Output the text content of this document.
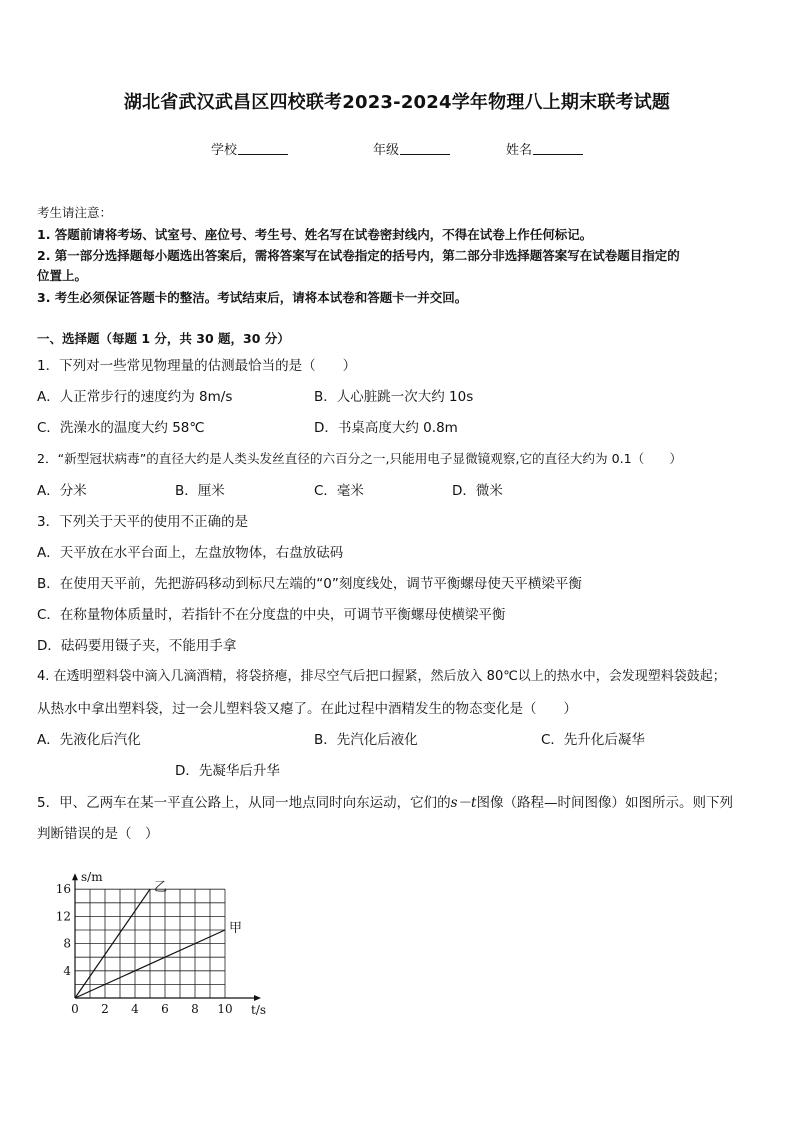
湖北省武汉武昌区四校联考2023-2024学年物理八上期末联考试题
学校	年级	姓名
考生请注意：
1. 答题前请将考场、试室号、座位号、考生号、姓名写在试卷密封线内，不得在试卷上作任何标记。
2. 第一部分选择题每小题选出答案后，需将答案写在试卷指定的括号内，第二部分非选择题答案写在试卷题目指定的
位置上。
3. 考生必须保证答题卡的整洁。考试结束后，请将本试卷和答题卡一并交回。
一、选择题（每题 1 分，共 30 题，30 分）
1．下列对一些常见物理量的估测最恰当的是（　　）
A．人正常步行的速度约为 8m/s	B．人心脏跳一次大约 10s
C．洗澡水的温度大约 58℃	D．书桌高度大约 0.8m
2．“新型冠状病毒”的直径大约是人类头发丝直径的六百分之一,只能用电子显微镜观察,它的直径大约为 0.1（　　）
A．分米	B．厘米	C．毫米	D．微米
3．下列关于天平的使用不正确的是
A．天平放在水平台面上，左盘放物体，右盘放砝码
B．在使用天平前，先把游码移动到标尺左端的“0”刻度线处，调节平衡螺母使天平横梁平衡
C．在称量物体质量时，若指针不在分度盘的中央，可调节平衡螺母使横梁平衡
D．砝码要用镊子夹，不能用手拿
4. 在透明塑料袋中滴入几滴酒精，将袋挤瘪，排尽空气后把口握紧，然后放入 80℃以上的热水中，会发现塑料袋鼓起；
从热水中拿出塑料袋，过一会儿塑料袋又瘪了。在此过程中酒精发生的物态变化是（　　）
A．先液化后汽化	B．先汽化后液化	C．先升化后凝华
D．先凝华后升华
5．甲、乙两车在某一平直公路上，从同一地点同时向东运动，它们的s－t图像（路程—时间图像）如图所示。则下列
判断错误的是（　）
0 2 4 6 8 10
4
8
12
16
s/m
t/s
乙
甲
